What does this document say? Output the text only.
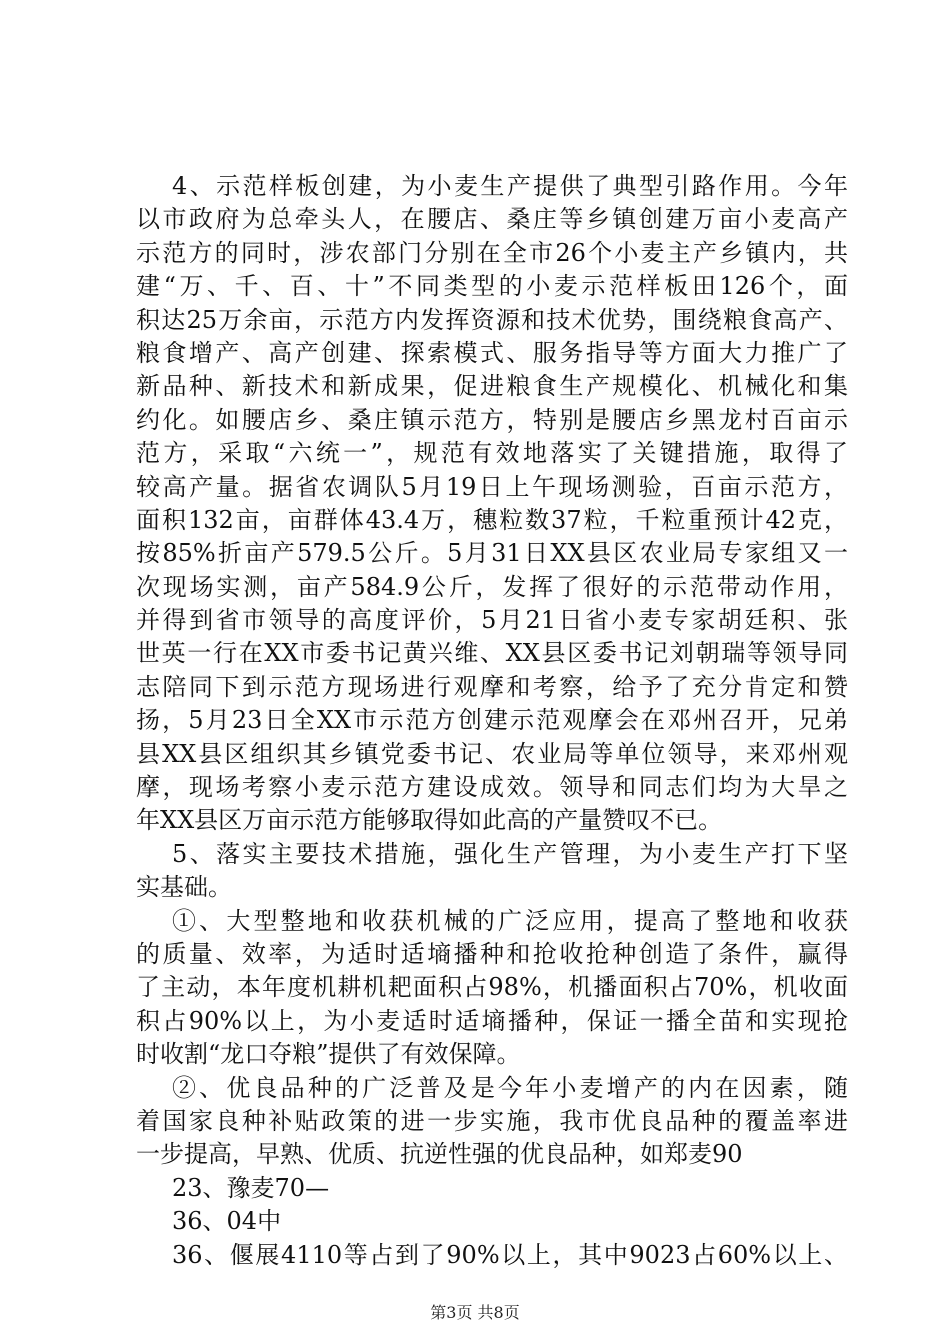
4、示范样板创建，为小麦生产提供了典型引路作用。今年
以市政府为总牵头人，在腰店、桑庄等乡镇创建万亩小麦高产
示范方的同时，涉农部门分别在全市26个小麦主产乡镇内，共
建“万、千、百、十”不同类型的小麦示范样板田126个，面
积达25万余亩，示范方内发挥资源和技术优势，围绕粮食高产、
粮食增产、高产创建、探索模式、服务指导等方面大力推广了
新品种、新技术和新成果，促进粮食生产规模化、机械化和集
约化。如腰店乡、桑庄镇示范方，特别是腰店乡黑龙村百亩示
范方，采取“六统一”，规范有效地落实了关键措施，取得了
较高产量。据省农调队5月19日上午现场测验，百亩示范方，
面积132亩，亩群体43.4万，穗粒数37粒，千粒重预计42克，
按85%折亩产579.5公斤。5月31日XX县区农业局专家组又一
次现场实测，亩产584.9公斤，发挥了很好的示范带动作用，
并得到省市领导的高度评价，5月21日省小麦专家胡廷积、张
世英一行在XX市委书记黄兴维、XX县区委书记刘朝瑞等领导同
志陪同下到示范方现场进行观摩和考察，给予了充分肯定和赞
扬，5月23日全XX市示范方创建示范观摩会在邓州召开，兄弟
县XX县区组织其乡镇党委书记、农业局等单位领导，来邓州观
摩，现场考察小麦示范方建设成效。领导和同志们均为大旱之
年XX县区万亩示范方能够取得如此高的产量赞叹不已。
5、落实主要技术措施，强化生产管理，为小麦生产打下坚
实基础。
①、大型整地和收获机械的广泛应用，提高了整地和收获
的质量、效率，为适时适墒播种和抢收抢种创造了条件，赢得
了主动，本年度机耕机耙面积占98%，机播面积占70%，机收面
积占90%以上，为小麦适时适墒播种，保证一播全苗和实现抢
时收割“龙口夺粮”提供了有效保障。
②、优良品种的广泛普及是今年小麦增产的内在因素，随
着国家良种补贴政策的进一步实施，我市优良品种的覆盖率进
一步提高，早熟、优质、抗逆性强的优良品种，如郑麦90
23、豫麦70—
36、04中
36、偃展4110等占到了90%以上，其中9023占60%以上、
第3页 共8页
